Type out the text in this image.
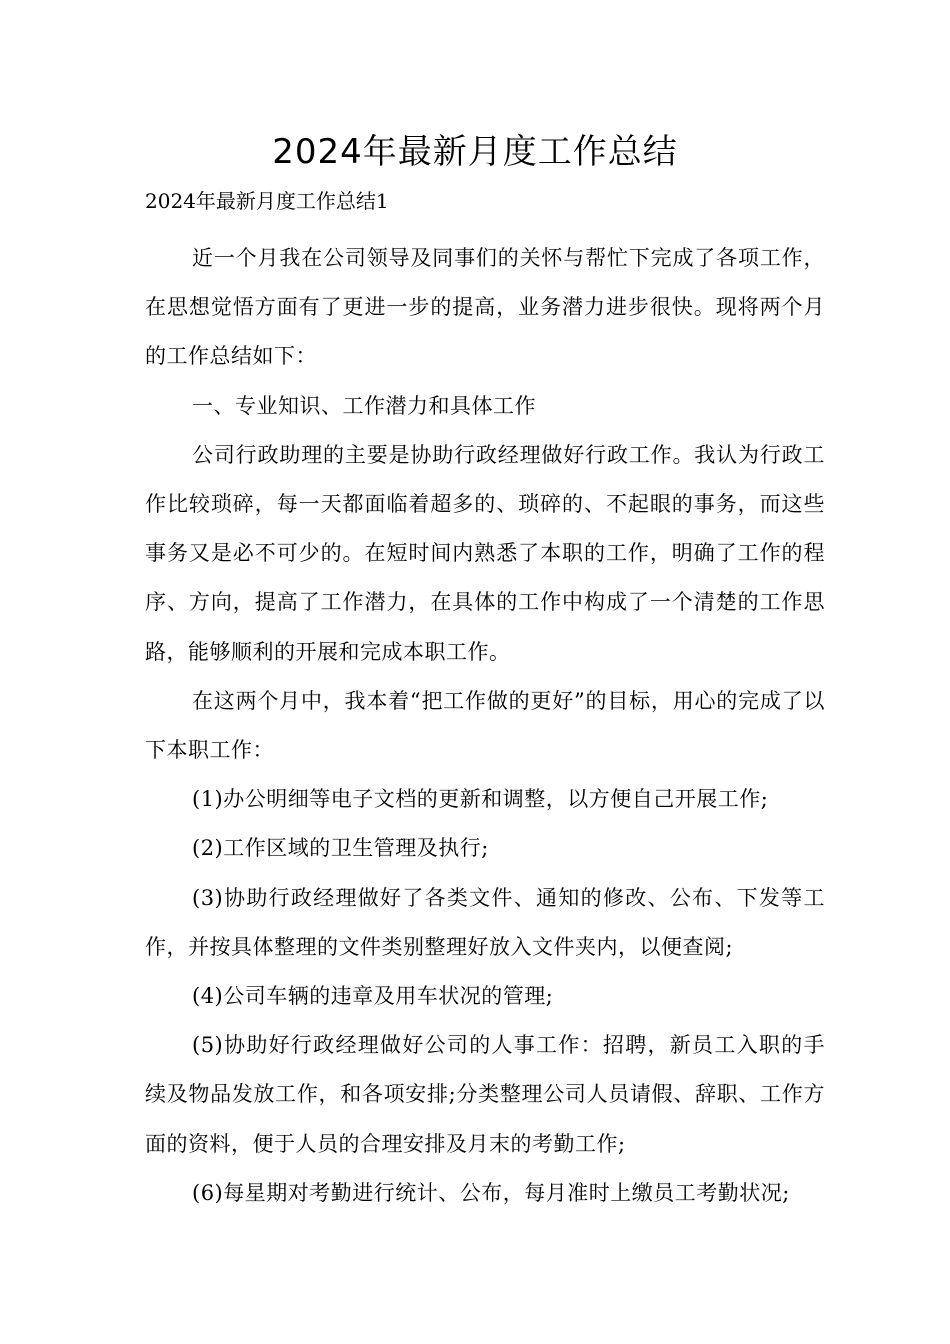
2024年最新月度工作总结

2024年最新月度工作总结1

近一个月我在公司领导及同事们的关怀与帮忙下完成了各项工作，在思想觉悟方面有了更进一步的提高，业务潜力进步很快。现将两个月的工作总结如下：

一、专业知识、工作潜力和具体工作

公司行政助理的主要是协助行政经理做好行政工作。我认为行政工作比较琐碎，每一天都面临着超多的、琐碎的、不起眼的事务，而这些事务又是必不可少的。在短时间内熟悉了本职的工作，明确了工作的程序、方向，提高了工作潜力，在具体的工作中构成了一个清楚的工作思路，能够顺利的开展和完成本职工作。

在这两个月中，我本着“把工作做的更好”的目标，用心的完成了以下本职工作：

(1)办公明细等电子文档的更新和调整，以方便自己开展工作;

(2)工作区域的卫生管理及执行;

(3)协助行政经理做好了各类文件、通知的修改、公布、下发等工作，并按具体整理的文件类别整理好放入文件夹内，以便查阅;

(4)公司车辆的违章及用车状况的管理;

(5)协助好行政经理做好公司的人事工作：招聘，新员工入职的手续及物品发放工作，和各项安排;分类整理公司人员请假、辞职、工作方面的资料，便于人员的合理安排及月末的考勤工作;

(6)每星期对考勤进行统计、公布，每月准时上缴员工考勤状况;
